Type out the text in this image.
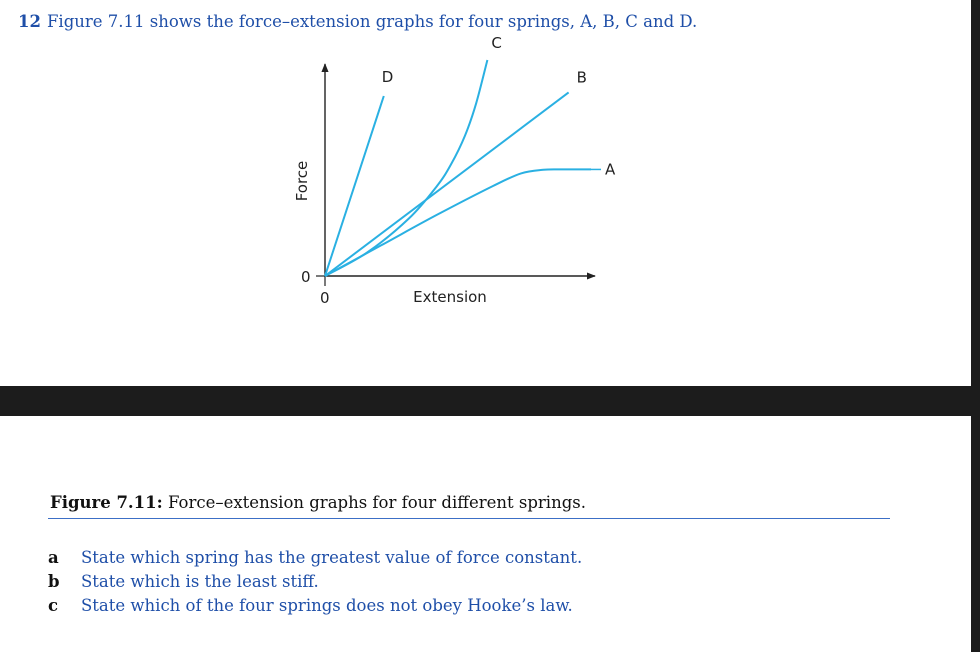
12 Figure 7.11 shows the force–extension graphs for four springs, A, B, C and D.
0
0
Force
Extension
D
C
B
A
Figure 7.11: Force–extension graphs for four different springs.
a	State which spring has the greatest value of force constant.
b	State which is the least stiff.
c	State which of the four springs does not obey Hooke’s law.
